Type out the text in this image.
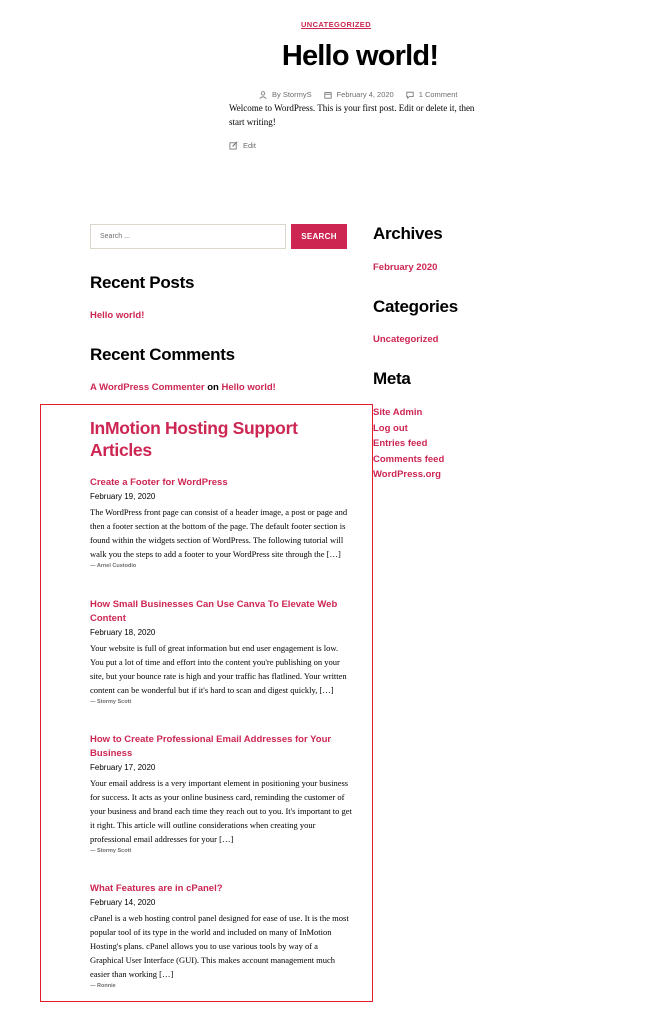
UNCATEGORIZED
Hello world!
By StormyS	February 4, 2020	1 Comment

Welcome to WordPress. This is your first post. Edit or delete it, then start writing!

Edit
Search ...	SEARCH
Recent Posts
Hello world!
Recent Comments
A WordPress Commenter on Hello world!
Archives
February 2020
Categories
Uncategorized
Meta
Site Admin
Log out
Entries feed
Comments feed
WordPress.org
InMotion Hosting Support Articles
Create a Footer for WordPress
February 19, 2020
The WordPress front page can consist of a header image, a post or page and then a footer section at the bottom of the page. The default footer section is found within the widgets section of WordPress. The following tutorial will walk you the steps to add a footer to your WordPress site through the […]
— Arnel Custodio
How Small Businesses Can Use Canva To Elevate Web Content
February 18, 2020
Your website is full of great information but end user engagement is low. You put a lot of time and effort into the content you're publishing on your site, but your bounce rate is high and your traffic has flatlined. Your written content can be wonderful but if it's hard to scan and digest quickly, […]
— Stormy Scott
How to Create Professional Email Addresses for Your Business
February 17, 2020
Your email address is a very important element in positioning your business for success. It acts as your online business card, reminding the customer of your business and brand each time they reach out to you. It's important to get it right. This article will outline considerations when creating your professional email addresses for your […]
— Stormy Scott
What Features are in cPanel?
February 14, 2020
cPanel is a web hosting control panel designed for ease of use. It is the most popular tool of its type in the world and included on many of InMotion Hosting's plans. cPanel allows you to use various tools by way of a Graphical User Interface (GUI). This makes account management much easier than working […]
— Ronnie
